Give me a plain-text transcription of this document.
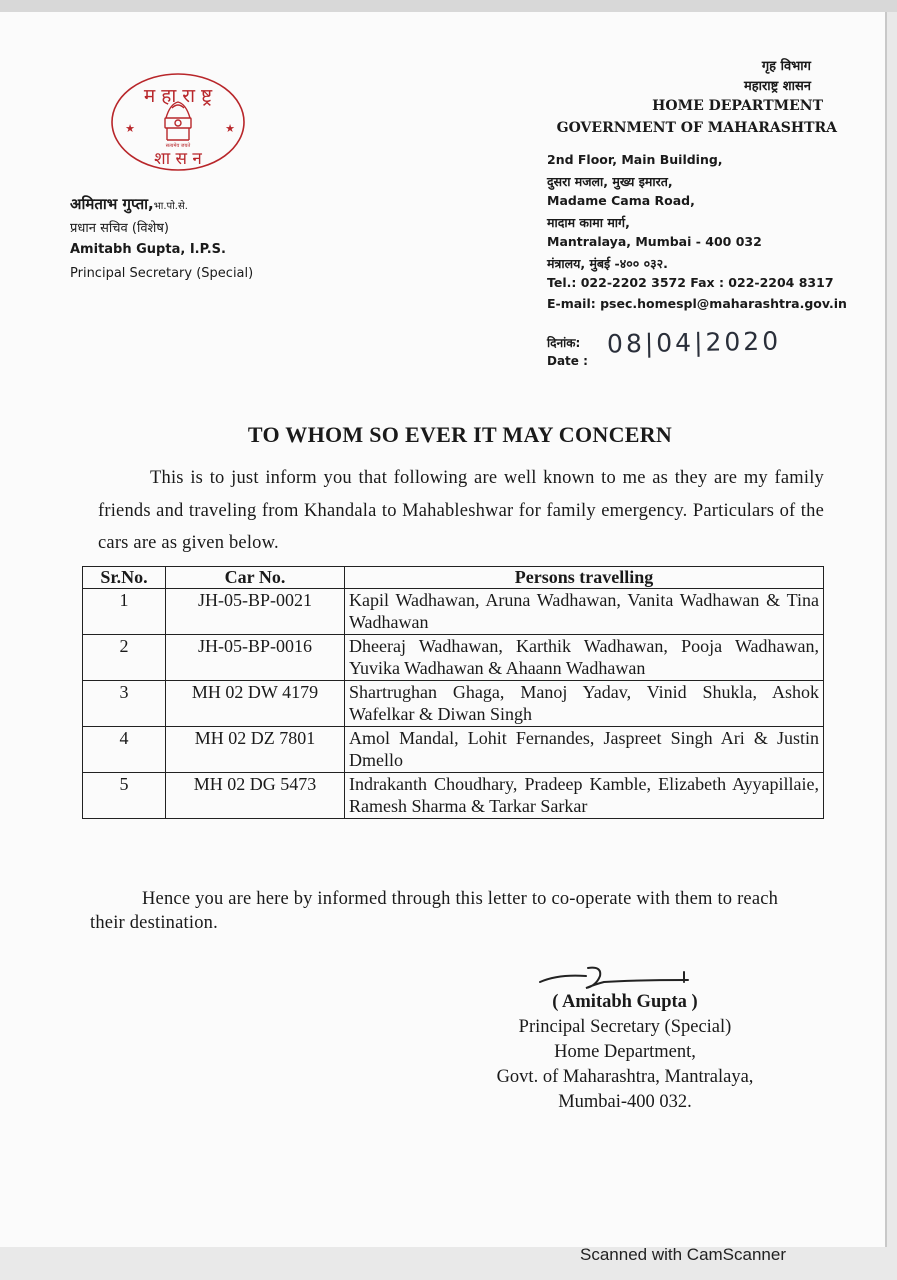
म हा रा ष्ट्र
शा स न
★	★
सत्यमेव जयते
अमिताभ गुप्ता,भा.पो.से.
प्रधान सचिव (विशेष)
Amitabh Gupta, I.P.S.
Principal Secretary (Special)
गृह विभाग
महाराष्ट्र शासन
HOME DEPARTMENT
GOVERNMENT OF MAHARASHTRA
2nd Floor, Main Building,
दुसरा मजला, मुख्य इमारत,
Madame Cama Road,
मादाम कामा मार्ग,
Mantralaya, Mumbai - 400 032
मंत्रालय, मुंबई -४०० ०३२.
Tel.: 022-2202 3572 Fax : 022-2204 8317
E-mail: psec.homespl@maharashtra.gov.in
दिनांक:
Date :
08|04|2020
TO WHOM SO EVER IT MAY CONCERN
This is to just inform you that following are well known to me as they are my family friends and traveling from Khandala to Mahableshwar for family emergency. Particulars of the cars are as given below.
Sr.No.	Car No.	Persons travelling
1	JH-05-BP-0021	Kapil Wadhawan, Aruna Wadhawan, Vanita Wadhawan & Tina Wadhawan
2	JH-05-BP-0016	Dheeraj Wadhawan, Karthik Wadhawan, Pooja Wadhawan, Yuvika Wadhawan & Ahaann Wadhawan
3	MH 02 DW 4179	Shartrughan Ghaga, Manoj Yadav, Vinid Shukla, Ashok Wafelkar & Diwan Singh
4	MH 02 DZ 7801	Amol Mandal, Lohit Fernandes, Jaspreet Singh Ari & Justin Dmello
5	MH 02 DG 5473	Indrakanth Choudhary, Pradeep Kamble, Elizabeth Ayyapillaie, Ramesh Sharma & Tarkar Sarkar
Hence you are here by informed through this letter to co-operate with them to reach their destination.
( Amitabh Gupta )
Principal Secretary (Special)
Home Department,
Govt. of Maharashtra, Mantralaya,
Mumbai-400 032.
Scanned with CamScanner
